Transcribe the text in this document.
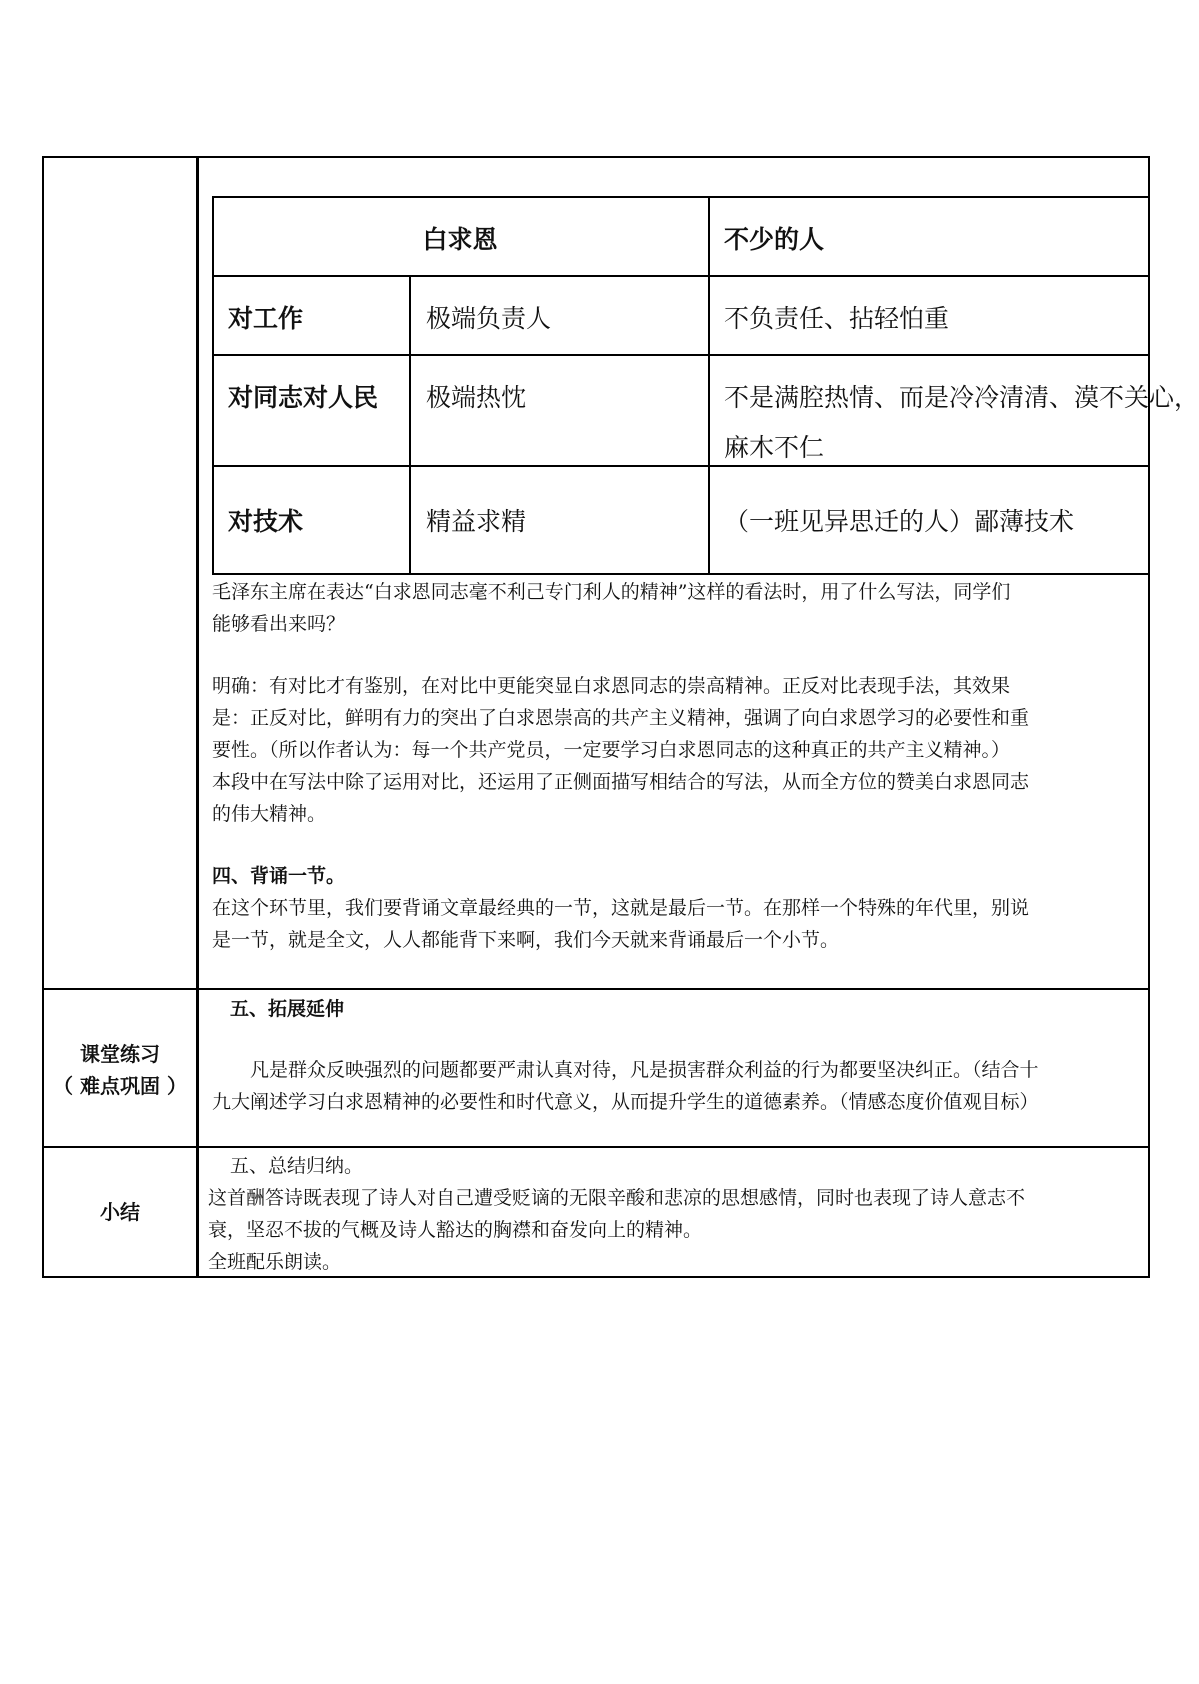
白求恩	不少的人
对工作	极端负责人	不负责任、拈轻怕重
对同志对人民 极端热忱	不是满腔热情、而是冷冷清清、漠不关心，
麻木不仁
对技术	精益求精	（一班见异思迁的人）鄙薄技术
毛泽东主席在表达“白求恩同志毫不利己专门利人的精神”这样的看法时，用了什么写法，同学们
能够看出来吗？
明确：有对比才有鉴别，在对比中更能突显白求恩同志的崇高精神。正反对比表现手法，其效果
是：正反对比，鲜明有力的突出了白求恩崇高的共产主义精神，强调了向白求恩学习的必要性和重
要性。（所以作者认为：每一个共产党员，一定要学习白求恩同志的这种真正的共产主义精神。）
本段中在写法中除了运用对比，还运用了正侧面描写相结合的写法，从而全方位的赞美白求恩同志
的伟大精神。
四、背诵一节。
在这个环节里，我们要背诵文章最经典的一节，这就是最后一节。在那样一个特殊的年代里，别说
是一节，就是全文，人人都能背下来啊，我们今天就来背诵最后一个小节。
课堂练习
（ 难点巩固 ）
五、拓展延伸
凡是群众反映强烈的问题都要严肃认真对待，凡是损害群众利益的行为都要坚决纠正。（结合十
九大阐述学习白求恩精神的必要性和时代意义，从而提升学生的道德素养。（情感态度价值观目标）
小结
五、总结归纳。
这首酬答诗既表现了诗人对自己遭受贬谪的无限辛酸和悲凉的思想感情，同时也表现了诗人意志不
衰，坚忍不拔的气概及诗人豁达的胸襟和奋发向上的精神。
全班配乐朗读。
